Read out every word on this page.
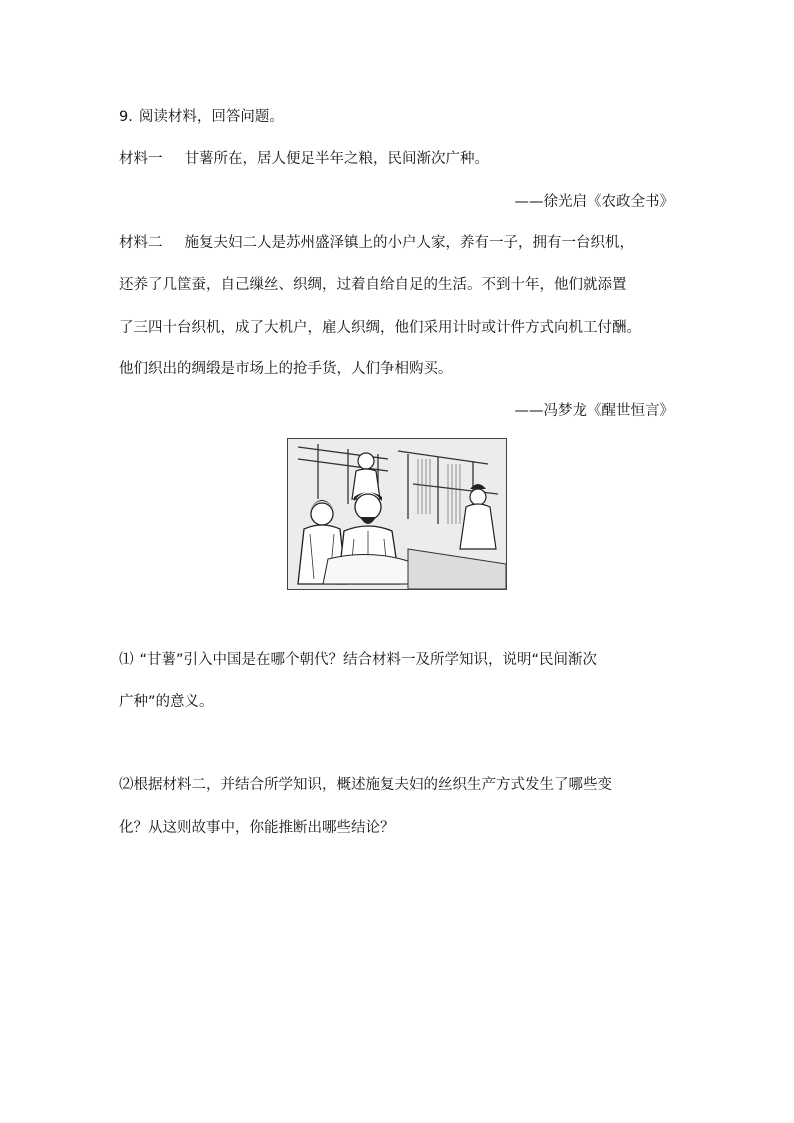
9. 阅读材料，回答问题。
材料一 甘薯所在，居人便足半年之粮，民间渐次广种。
——徐光启《农政全书》
材料二 施复夫妇二人是苏州盛泽镇上的小户人家，养有一子，拥有一台织机，
还养了几筐蚕，自己缫丝、织绸，过着自给自足的生活。不到十年，他们就添置
了三四十台织机，成了大机户，雇人织绸，他们采用计时或计件方式向机工付酬。
他们织出的绸缎是市场上的抢手货，人们争相购买。
——冯梦龙《醒世恒言》
⑴ “甘薯”引入中国是在哪个朝代？结合材料一及所学知识，说明“民间渐次
广种”的意义。
⑵根据材料二，并结合所学知识，概述施复夫妇的丝织生产方式发生了哪些变
化？从这则故事中，你能推断出哪些结论？
